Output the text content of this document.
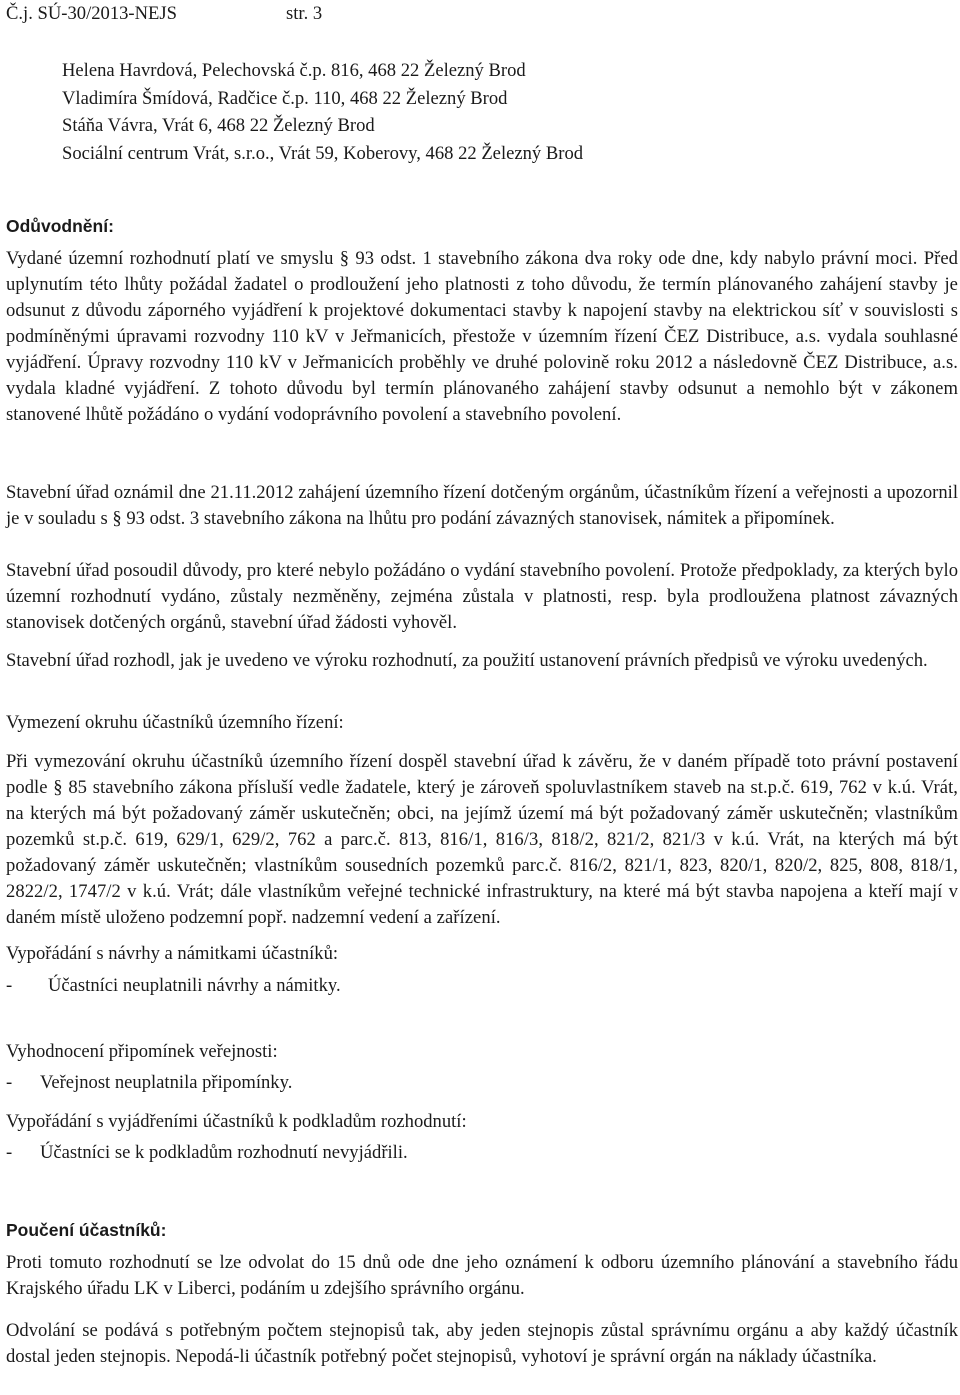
Č.j. SÚ-30/2013-NEJS	str. 3
Helena Havrdová, Pelechovská č.p. 816, 468 22 Železný Brod
Vladimíra Šmídová, Radčice č.p. 110, 468 22 Železný Brod
Stáňa Vávra, Vrát 6, 468 22 Železný Brod
Sociální centrum Vrát, s.r.o., Vrát 59, Koberovy, 468 22 Železný Brod
Odůvodnění:
Vydané územní rozhodnutí platí ve smyslu § 93 odst. 1 stavebního zákona dva roky ode dne, kdy nabylo právní moci. Před uplynutím této lhůty požádal žadatel o prodloužení jeho platnosti z toho důvodu, že termín plánovaného zahájení stavby je odsunut z důvodu záporného vyjádření k projektové dokumentaci stavby k napojení stavby na elektrickou síť v souvislosti s podmíněnými úpravami rozvodny 110 kV v Jeřmanicích, přestože v územním řízení ČEZ Distribuce, a.s. vydala souhlasné vyjádření. Úpravy rozvodny 110 kV v Jeřmanicích proběhly ve druhé polovině roku 2012 a následovně ČEZ Distribuce, a.s. vydala kladné vyjádření. Z tohoto důvodu byl termín plánovaného zahájení stavby odsunut a nemohlo být v zákonem stanovené lhůtě požádáno o vydání vodoprávního povolení a stavebního povolení.
Stavební úřad oznámil dne 21.11.2012 zahájení územního řízení dotčeným orgánům, účastníkům řízení a veřejnosti a upozornil je v souladu s § 93 odst. 3 stavebního zákona na lhůtu pro podání závazných stanovisek, námitek a připomínek.
Stavební úřad posoudil důvody, pro které nebylo požádáno o vydání stavebního povolení. Protože předpoklady, za kterých bylo územní rozhodnutí vydáno, zůstaly nezměněny, zejména zůstala v platnosti, resp. byla prodloužena platnost závazných stanovisek dotčených orgánů, stavební úřad žádosti vyhověl.
Stavební úřad rozhodl, jak je uvedeno ve výroku rozhodnutí, za použití ustanovení právních předpisů ve výroku uvedených.
Vymezení okruhu účastníků územního řízení:
Při vymezování okruhu účastníků územního řízení dospěl stavební úřad k závěru, že v daném případě toto právní postavení podle § 85 stavebního zákona přísluší vedle žadatele, který je zároveň spoluvlastníkem staveb na st.p.č. 619, 762 v k.ú. Vrát, na kterých má být požadovaný záměr uskutečněn; obci, na jejímž území má být požadovaný záměr uskutečněn; vlastníkům pozemků st.p.č. 619, 629/1, 629/2, 762 a parc.č. 813, 816/1, 816/3, 818/2, 821/2, 821/3 v k.ú. Vrát, na kterých má být požadovaný záměr uskutečněn; vlastníkům sousedních pozemků parc.č. 816/2, 821/1, 823, 820/1, 820/2, 825, 808, 818/1, 2822/2, 1747/2 v k.ú. Vrát; dále vlastníkům veřejné technické infrastruktury, na které má být stavba napojena a kteří mají v daném místě uloženo podzemní popř. nadzemní vedení a zařízení.
Vypořádání s návrhy a námitkami účastníků:
- Účastníci neuplatnili návrhy a námitky.
Vyhodnocení připomínek veřejnosti:
- Veřejnost neuplatnila připomínky.
Vypořádání s vyjádřeními účastníků k podkladům rozhodnutí:
- Účastníci se k podkladům rozhodnutí nevyjádřili.
Poučení účastníků:
Proti tomuto rozhodnutí se lze odvolat do 15 dnů ode dne jeho oznámení k odboru územního plánování a stavebního řádu Krajského úřadu LK v Liberci, podáním u zdejšího správního orgánu.
Odvolání se podává s potřebným počtem stejnopisů tak, aby jeden stejnopis zůstal správnímu orgánu a aby každý účastník dostal jeden stejnopis. Nepodá-li účastník potřebný počet stejnopisů, vyhotoví je správní orgán na náklady účastníka.
